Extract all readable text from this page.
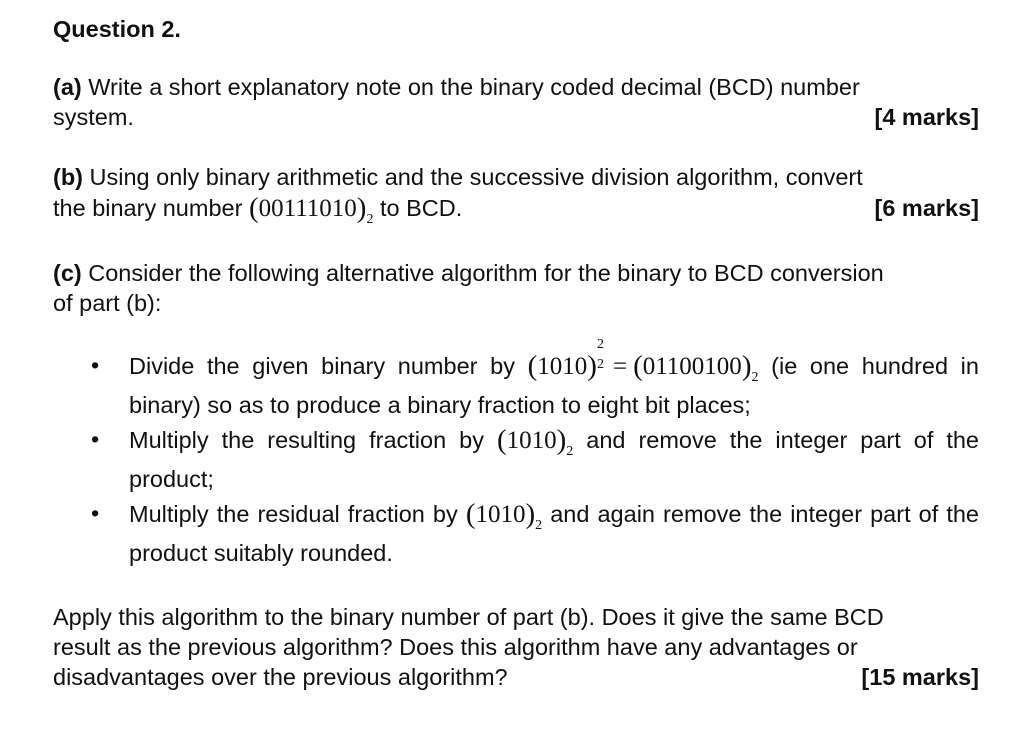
Question 2.

(a) Write a short explanatory note on the binary coded decimal (BCD) number

system.	[4 marks]

(b) Using only binary arithmetic and the successive division algorithm, convert

the binary number $(00111010)_2$ to BCD.	[6 marks]

(c) Consider the following alternative algorithm for the binary to BCD conversion

of part (b):

• Divide the given binary number by (1010)
2
$2 = (01100100)_2$ (ie one hundred in binary) so as to produce a binary fraction to eight bit places;
• Multiply the resulting fraction by $(1010)_2$ and remove the integer part of the product;
• Multiply the residual fraction by $(1010)_2$ and again remove the integer part of the product suitably rounded.

Apply this algorithm to the binary number of part (b). Does it give the same BCD

result as the previous algorithm? Does this algorithm have any advantages or

disadvantages over the previous algorithm?	[15 marks]
